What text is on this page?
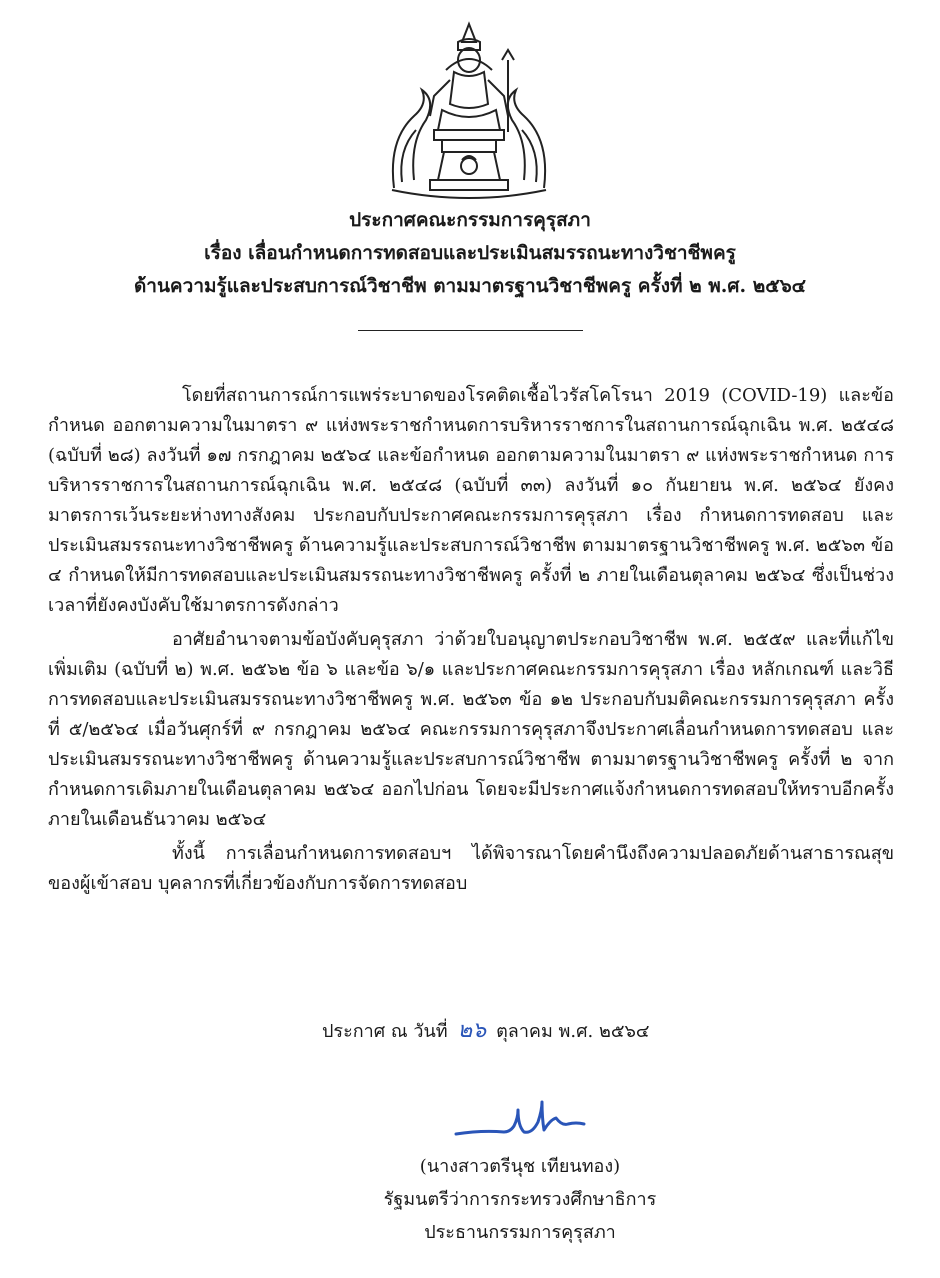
ประกาศคณะกรรมการคุรุสภา
เรื่อง เลื่อนกำหนดการทดสอบและประเมินสมรรถนะทางวิชาชีพครู
ด้านความรู้และประสบการณ์วิชาชีพ ตามมาตรฐานวิชาชีพครู ครั้งที่ ๒ พ.ศ. ๒๕๖๔

โดยที่สถานการณ์การแพร่ระบาดของโรคติดเชื้อไวรัสโคโรนา 2019 (COVID-19) และข้อกำหนด ออกตามความในมาตรา ๙ แห่งพระราชกำหนดการบริหารราชการในสถานการณ์ฉุกเฉิน พ.ศ. ๒๕๔๘ (ฉบับที่ ๒๘) ลงวันที่ ๑๗ กรกฎาคม ๒๕๖๔ และข้อกำหนด ออกตามความในมาตรา ๙ แห่งพระราชกำหนด การบริหารราชการในสถานการณ์ฉุกเฉิน พ.ศ. ๒๕๔๘ (ฉบับที่ ๓๓) ลงวันที่ ๑๐ กันยายน พ.ศ. ๒๕๖๔ ยังคงมาตรการเว้นระยะห่างทางสังคม ประกอบกับประกาศคณะกรรมการคุรุสภา เรื่อง กำหนดการทดสอบ และประเมินสมรรถนะทางวิชาชีพครู ด้านความรู้และประสบการณ์วิชาชีพ ตามมาตรฐานวิชาชีพครู พ.ศ. ๒๕๖๓ ข้อ ๔ กำหนดให้มีการทดสอบและประเมินสมรรถนะทางวิชาชีพครู ครั้งที่ ๒ ภายในเดือนตุลาคม ๒๕๖๔ ซึ่งเป็นช่วงเวลาที่ยังคงบังคับใช้มาตรการดังกล่าว

อาศัยอำนาจตามข้อบังคับคุรุสภา ว่าด้วยใบอนุญาตประกอบวิชาชีพ พ.ศ. ๒๕๕๙ และที่แก้ไข เพิ่มเติม (ฉบับที่ ๒) พ.ศ. ๒๕๖๒ ข้อ ๖ และข้อ ๖/๑ และประกาศคณะกรรมการคุรุสภา เรื่อง หลักเกณฑ์ และวิธีการทดสอบและประเมินสมรรถนะทางวิชาชีพครู พ.ศ. ๒๕๖๓ ข้อ ๑๒ ประกอบกับมติคณะกรรมการคุรุสภา ครั้งที่ ๕/๒๕๖๔ เมื่อวันศุกร์ที่ ๙ กรกฎาคม ๒๕๖๔ คณะกรรมการคุรุสภาจึงประกาศเลื่อนกำหนดการทดสอบ และประเมินสมรรถนะทางวิชาชีพครู ด้านความรู้และประสบการณ์วิชาชีพ ตามมาตรฐานวิชาชีพครู ครั้งที่ ๒ จากกำหนดการเดิมภายในเดือนตุลาคม ๒๕๖๔ ออกไปก่อน โดยจะมีประกาศแจ้งกำหนดการทดสอบให้ทราบอีกครั้ง ภายในเดือนธันวาคม ๒๕๖๔

ทั้งนี้ การเลื่อนกำหนดการทดสอบฯ ได้พิจารณาโดยคำนึงถึงความปลอดภัยด้านสาธารณสุข ของผู้เข้าสอบ บุคลากรที่เกี่ยวข้องกับการจัดการทดสอบ

ประกาศ ณ วันที่ ๒๖ ตุลาคม พ.ศ. ๒๕๖๔
(นางสาวตรีนุช เทียนทอง)
รัฐมนตรีว่าการกระทรวงศึกษาธิการ
ประธานกรรมการคุรุสภา
